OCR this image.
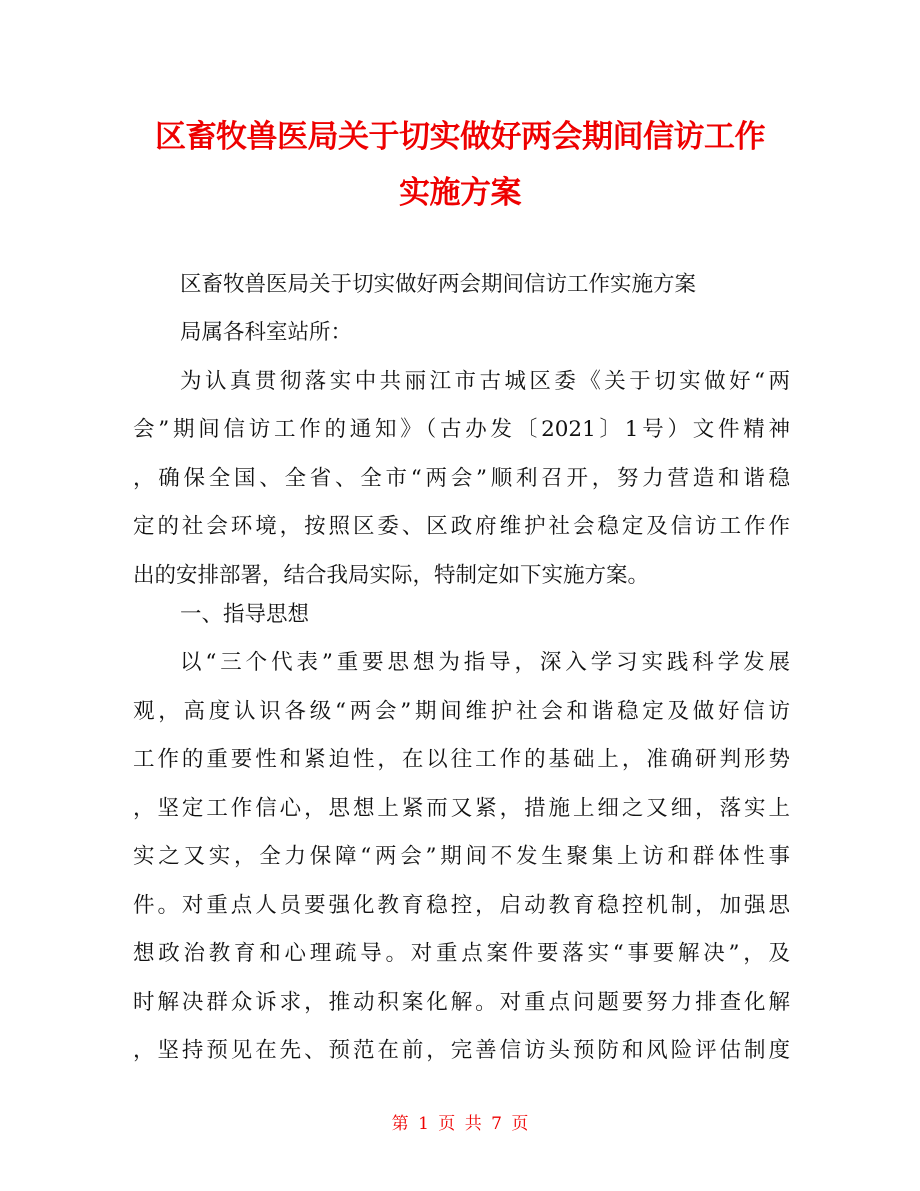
区畜牧兽医局关于切实做好两会期间信访工作
实施方案

区畜牧兽医局关于切实做好两会期间信访工作实施方案

局属各科室站所：

为认真贯彻落实中共丽江市古城区委《关于切实做好“两

会”期间信访工作的通知》（古办发〔2021〕1号）文件精神

，确保全国、全省、全市“两会”顺利召开，努力营造和谐稳

定的社会环境，按照区委、区政府维护社会稳定及信访工作作

出的安排部署，结合我局实际，特制定如下实施方案。

一、指导思想

以“三个代表”重要思想为指导，深入学习实践科学发展

观，高度认识各级“两会”期间维护社会和谐稳定及做好信访

工作的重要性和紧迫性，在以往工作的基础上，准确研判形势

，坚定工作信心，思想上紧而又紧，措施上细之又细，落实上

实之又实，全力保障“两会”期间不发生聚集上访和群体性事

件。对重点人员要强化教育稳控，启动教育稳控机制，加强思

想政治教育和心理疏导。对重点案件要落实“事要解决”，及

时解决群众诉求，推动积案化解。对重点问题要努力排查化解

，坚持预见在先、预范在前，完善信访头预防和风险评估制度

第 1 页 共 7 页
